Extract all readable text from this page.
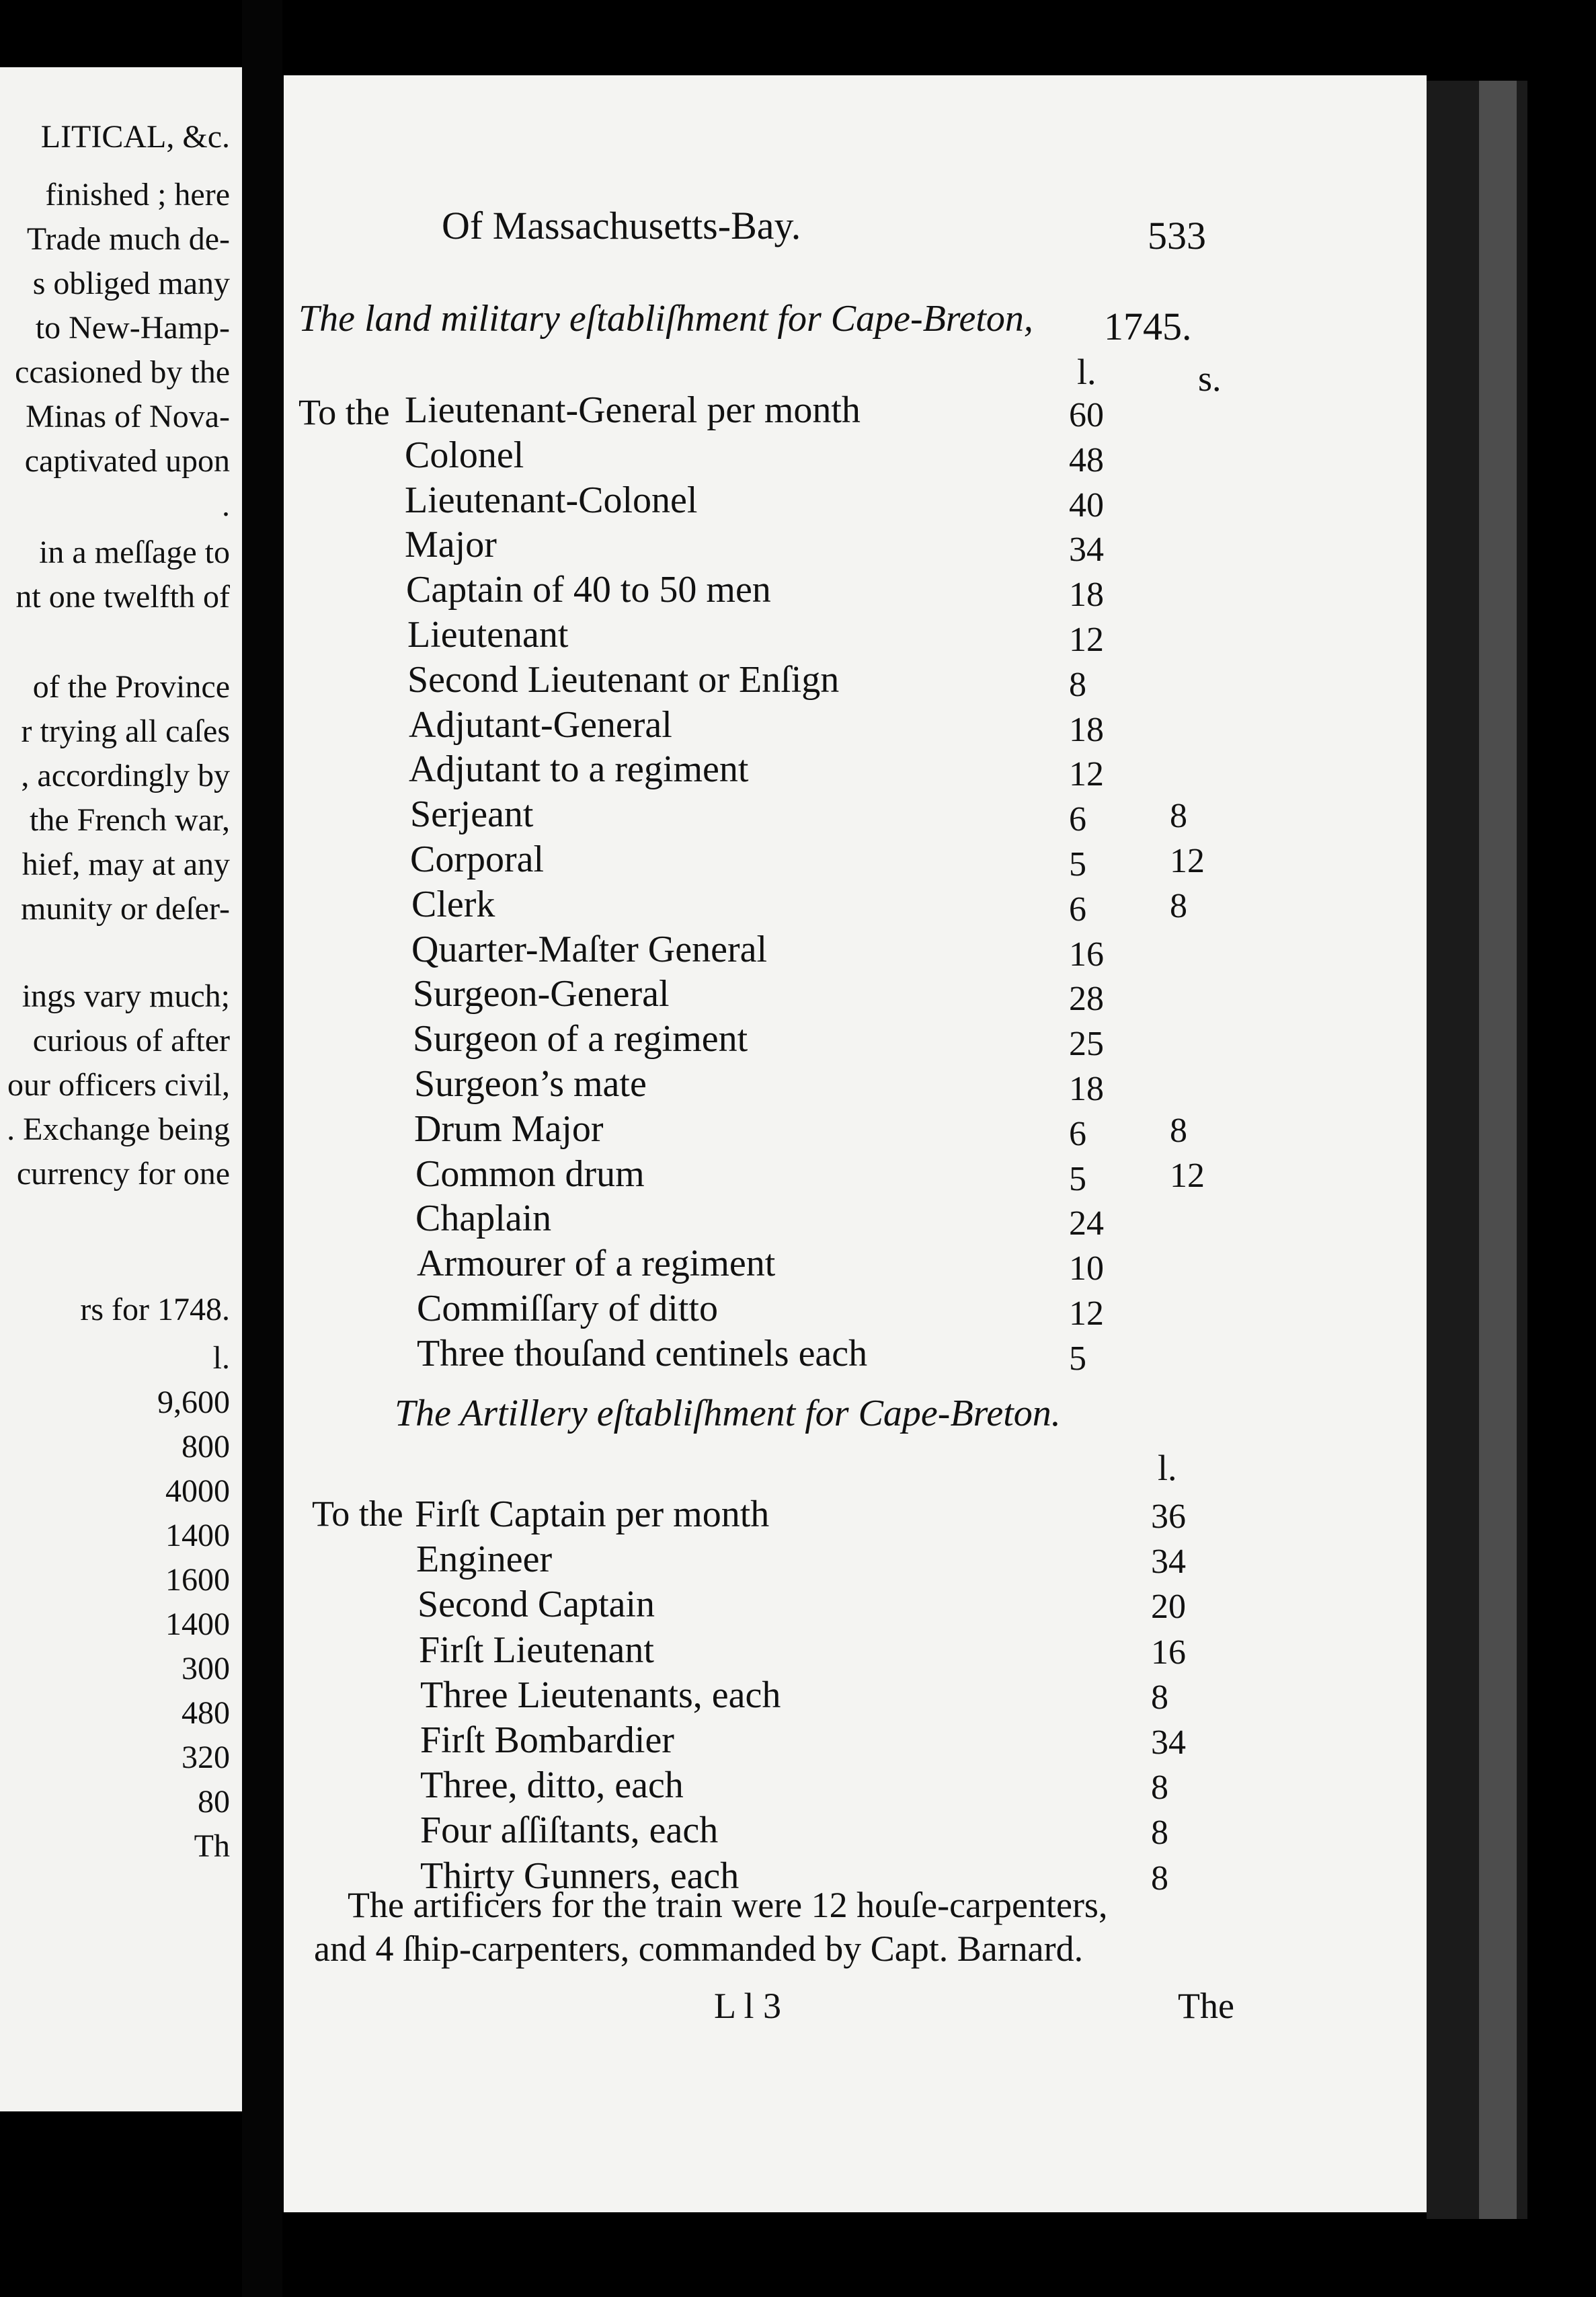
LITICAL, &c.
finished ; here
Trade much de-
s obliged many
to New-Hamp-
ccasioned by the
Minas of Nova-
captivated upon
.
in a meſſage to
nt one twelfth of
of the Province
r trying all caſes
, accordingly by
the French war,
hief, may at any
munity or deſer-
ings vary much;
curious of after
our officers civil,
. Exchange being
currency for one
rs for 1748.
l.
9,600
800
4000
1400
1600
1400
300
480
320
80
Th
Of Massachusetts-Bay.	533
The land military eſtabliſhment for Cape-Breton, 1745.
l.	s.
To the Lieutenant-General per month	60
Colonel	48
Lieutenant-Colonel	40
Major	34
Captain of 40 to 50 men	18
Lieutenant	12
Second Lieutenant or Enſign	8
Adjutant-General	18
Adjutant to a regiment	12
Serjeant	6 8
Corporal	5 12
Clerk	6 8
Quarter-Maſter General	16
Surgeon-General	28
Surgeon of a regiment	25
Surgeon’s mate	18
Drum Major	6 8
Common drum	5 12
Chaplain	24
Armourer of a regiment	10
Commiſſary of ditto	12
Three thouſand centinels each	5
The Artillery eſtabliſhment for Cape-Breton.
l.
To the Firſt Captain per month	36
Engineer	34
Second Captain	20
Firſt Lieutenant	16
Three Lieutenants, each	8
Firſt Bombardier	34
Three, ditto, each	8
Four aſſiſtants, each	8
Thirty Gunners, each	8
The artificers for the train were 12 houſe-carpenters,
and 4 ſhip-carpenters, commanded by Capt. Barnard.
L l 3	The
